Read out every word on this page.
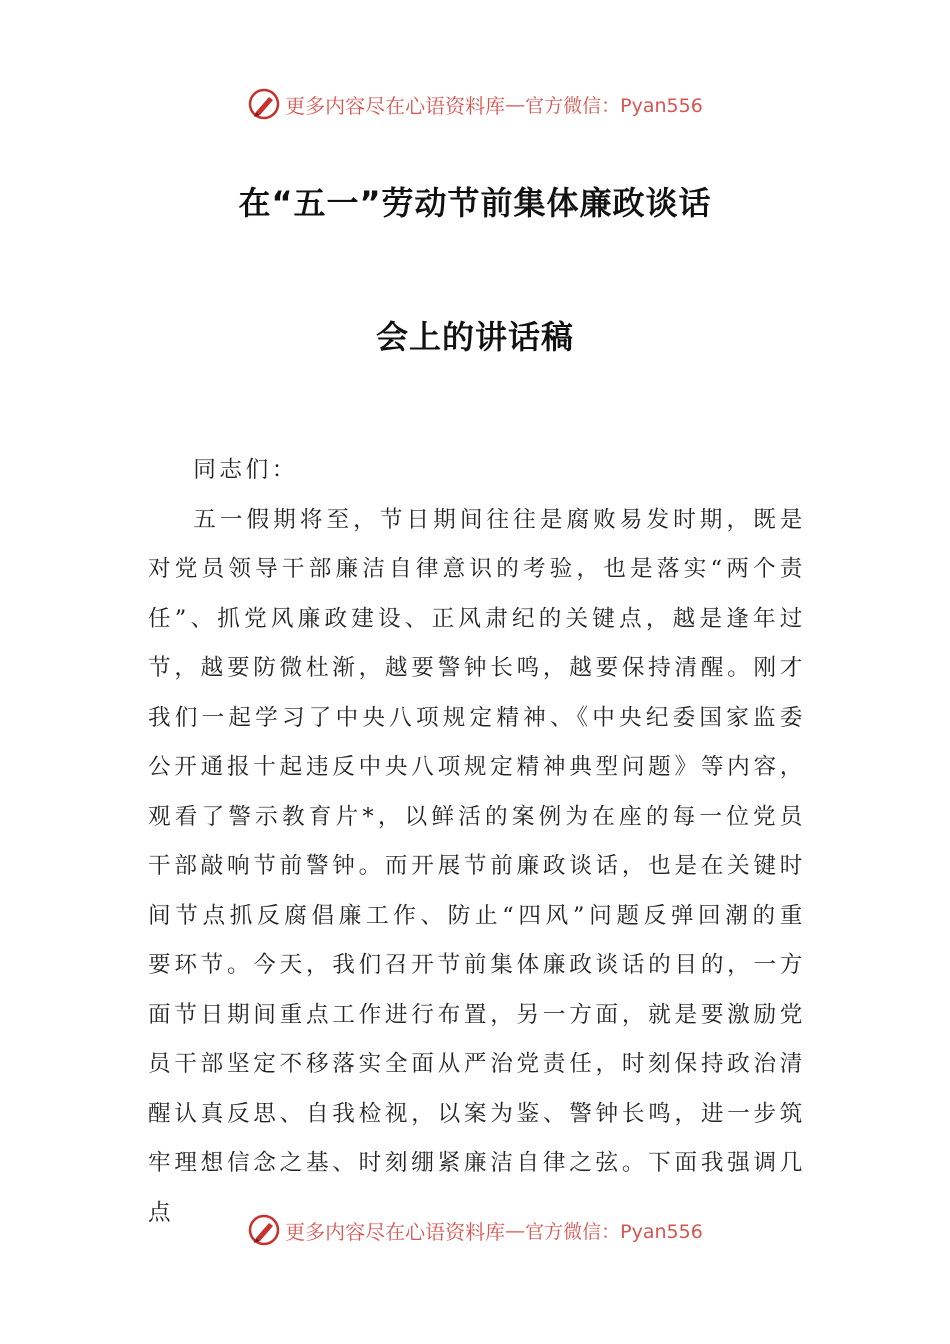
更多内容尽在心语资料库 — 官方微信：Pyan556
在“五一”劳动节前集体廉政谈话
会上的讲话稿

同志们：

五一假期将至，节日期间往往是腐败易发时期，既是对党员领导干部廉洁自律意识的考验，也是落实“两个责任”、抓党风廉政建设、正风肃纪的关键点，越是逢年过节，越要防微杜渐，越要警钟长鸣，越要保持清醒。刚才我们一起学习了中央八项规定精神、《中央纪委国家监委公开通报十起违反中央八项规定精神典型问题》等内容，观看了警示教育片*，以鲜活的案例为在座的每一位党员干部敲响节前警钟。而开展节前廉政谈话，也是在关键时间节点抓反腐倡廉工作、防止“四风”问题反弹回潮的重要环节。今天，我们召开节前集体廉政谈话的目的，一方面节日期间重点工作进行布置，另一方面，就是要激励党员干部坚定不移落实全面从严治党责任，时刻保持政治清醒认真反思、自我检视，以案为鉴、警钟长鸣，进一步筑牢理想信念之基、时刻绷紧廉洁自律之弦。下面我强调几点

更多内容尽在心语资料库 — 官方微信：Pyan556
